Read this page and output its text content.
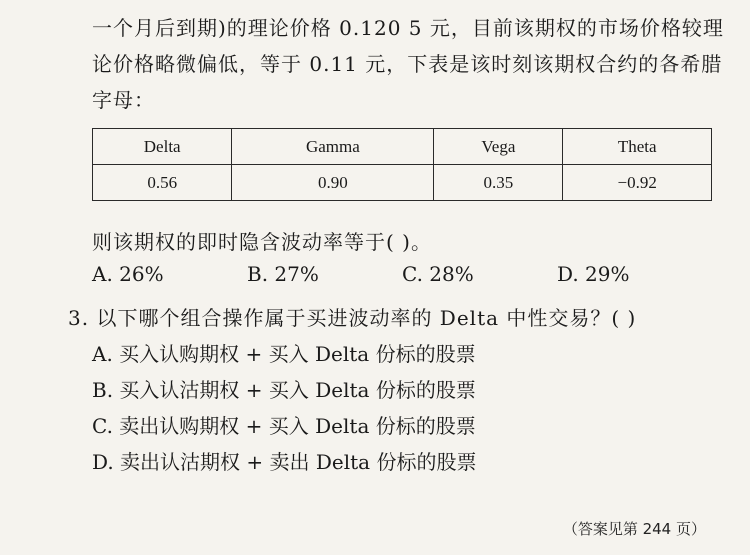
一个月后到期)的理论价格 0.120 5 元，目前该期权的市场价格较理
论价格略微偏低，等于 0.11 元，下表是该时刻该期权合约的各希腊
字母：
Delta	Gamma	Vega	Theta
0.56	0.90	0.35	−0.92
则该期权的即时隐含波动率等于( )。
A. 26%	B. 27%	C. 28%	D. 29%
3. 以下哪个组合操作属于买进波动率的 Delta 中性交易？( )
A. 买入认购期权 + 买入 Delta 份标的股票
B. 买入认沽期权 + 买入 Delta 份标的股票
C. 卖出认购期权 + 买入 Delta 份标的股票
D. 卖出认沽期权 + 卖出 Delta 份标的股票
（答案见第 244 页）
